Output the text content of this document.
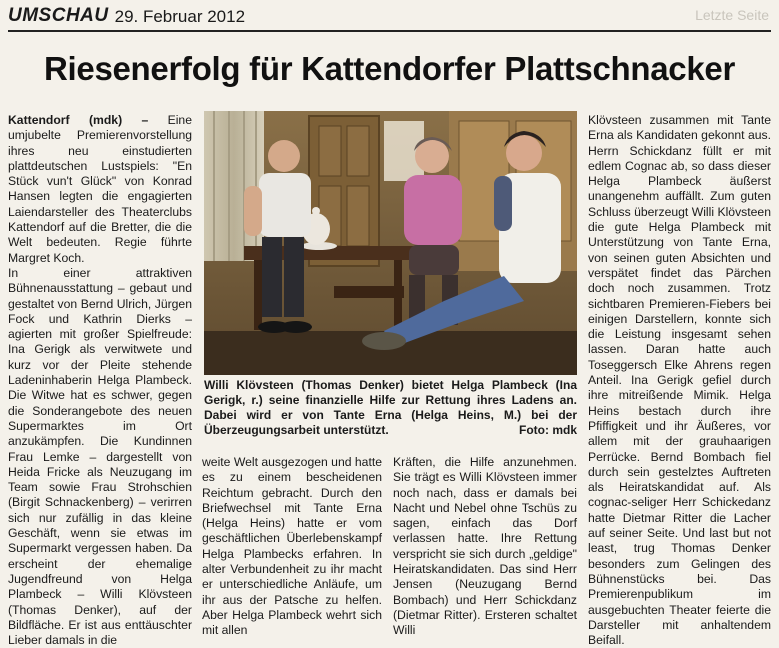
UMSCHAU 29. Februar 2012	Letzte Seite
Riesenerfolg für Kattendorfer Plattschnacker

Kattendorf (mdk) – Eine umjubelte Premierenvorstellung ihres neu einstudierten plattdeutschen Lustspiels: "En Stück vun't Glück" von Konrad Hansen legten die engagierten Laiendarsteller des Theaterclubs Kattendorf auf die Bretter, die die Welt bedeuten. Regie führte Margret Koch.

In einer attraktiven Bühnenausstattung – gebaut und gestaltet von Bernd Ulrich, Jürgen Fock und Kathrin Dierks – agierten mit großer Spielfreude: Ina Gerigk als verwitwete und kurz vor der Pleite stehende Ladeninhaberin Helga Plambeck. Die Witwe hat es schwer, gegen die Sonderangebote des neuen Supermarktes im Ort anzukämpfen. Die Kundinnen Frau Lemke – dargestellt von Heida Fricke als Neuzugang im Team sowie Frau Strohschien (Birgit Schnackenberg) – verirren sich nur zufällig in das kleine Geschäft, wenn sie etwas im Supermarkt vergessen haben. Da erscheint der ehemalige Jugendfreund von Helga Plambeck – Willi Klövsteen (Thomas Denker), auf der Bildfläche. Er ist aus enttäuschter Lieber damals in die

Willi Klövsteen (Thomas Denker) bietet Helga Plambeck (Ina Gerigk, r.) seine finanzielle Hilfe zur Rettung ihres Ladens an. Dabei wird er von Tante Erna (Helga Heins, M.) bei der Überzeugungsarbeit unterstützt.	Foto: mdk

weite Welt ausgezogen und hatte es zu einem bescheidenen Reichtum gebracht. Durch den Briefwechsel mit Tante Erna (Helga Heins) hatte er vom geschäftlichen Überlebenskampf Helga Plambecks erfahren. In alter Verbundenheit zu ihr macht er unterschiedliche Anläufe, um ihr aus der Patsche zu helfen. Aber Helga Plambeck wehrt sich mit allen

Kräften, die Hilfe anzunehmen. Sie trägt es Willi Klövsteen immer noch nach, dass er damals bei Nacht und Nebel ohne Tschüs zu sagen, einfach das Dorf verlassen hatte. Ihre Rettung verspricht sie sich durch „geldige" Heiratskandidaten. Das sind Herr Jensen (Neuzugang Bernd Bombach) und Herr Schickdanz (Dietmar Ritter). Ersteren schaltet Willi

Klövsteen zusammen mit Tante Erna als Kandidaten gekonnt aus. Herrn Schickdanz füllt er mit edlem Cognac ab, so dass dieser Helga Plambeck äußerst unangenehm auffällt. Zum guten Schluss überzeugt Willi Klövsteen die gute Helga Plambeck mit Unterstützung von Tante Erna, von seinen guten Absichten und verspätet findet das Pärchen doch noch zusammen. Trotz sichtbaren Premieren-Fiebers bei einigen Darstellern, konnte sich die Leistung insgesamt sehen lassen. Daran hatte auch Toseggersch Elke Ahrens regen Anteil. Ina Gerigk gefiel durch ihre mitreißende Mimik. Helga Heins bestach durch ihre Pfiffigkeit und ihr Äußeres, vor allem mit der grauhaarigen Perrücke. Bernd Bombach fiel durch sein gestelztes Auftreten als Heiratskandidat auf. Als cognac-seliger Herr Schickedanz hatte Dietmar Ritter die Lacher auf seiner Seite. Und last but not least, trug Thomas Denker besonders zum Gelingen des Bühnenstücks bei. Das Premierenpublikum im ausgebuchten Theater feierte die Darsteller mit anhaltendem Beifall.
